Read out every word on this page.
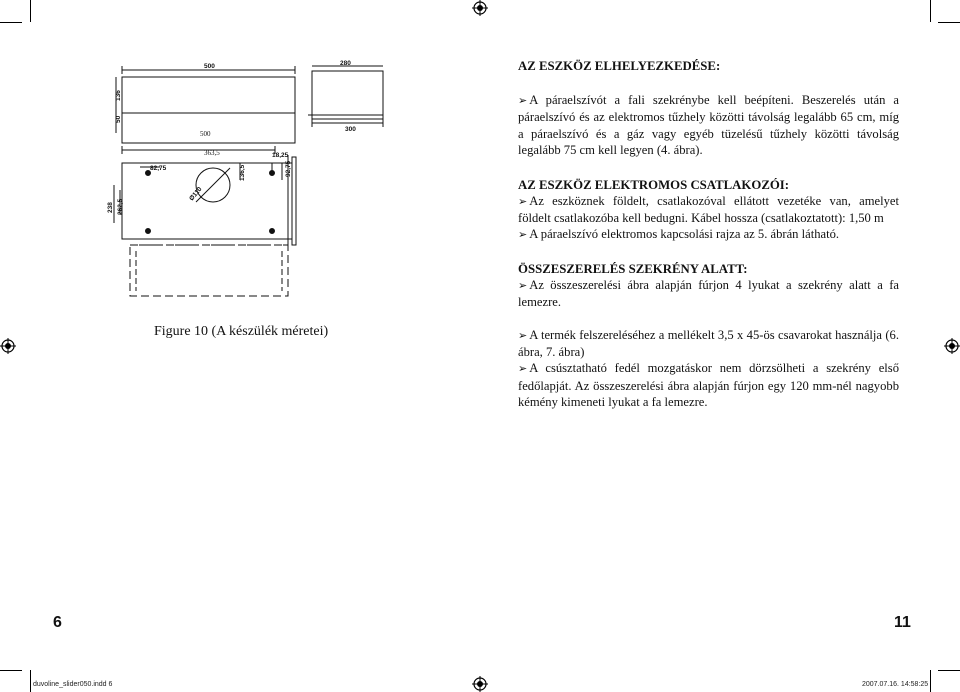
500	280
300
136
50
18,25
82,75	136,5	92,75
Ø110
238 262,5
500
363,5
Figure 10 (A készülék méretei)
AZ ESZKÖZ ELHELYEZKEDÉSE:

➢ A páraelszívót a fali szekrénybe kell beépíteni. Beszerelés után a páraelszívó és az elektromos tűzhely közötti távolság legalább 65 cm, míg a páraelszívó és a gáz vagy egyéb tüzelésű tűzhely közötti távolság legalább 75 cm kell legyen (4. ábra).

AZ ESZKÖZ ELEKTROMOS CSATLAKOZÓI:

➢ Az eszköznek földelt, csatlakozóval ellátott vezetéke van, amelyet földelt csatlakozóba kell bedugni. Kábel hossza (csatlakoztatott): 1,50 m

➢ A páraelszívó elektromos kapcsolási rajza az 5. ábrán látható.

ÖSSZESZERELÉS SZEKRÉNY ALATT:

➢ Az összeszerelési ábra alapján fúrjon 4 lyukat a szekrény alatt a fa lemezre.

➢ A termék felszereléséhez a mellékelt 3,5 x 45-ös csavarokat használja (6. ábra, 7. ábra)

➢ A csúsztatható fedél mozgatáskor nem dörzsölheti a szekrény első fedőlapját. Az összeszerelési ábra alapján fúrjon egy 120 mm-nél nagyobb kémény kimeneti lyukat a fa lemezre.

6	11
duvoline_slider050.indd 6	2007.07.16. 14:58:25
